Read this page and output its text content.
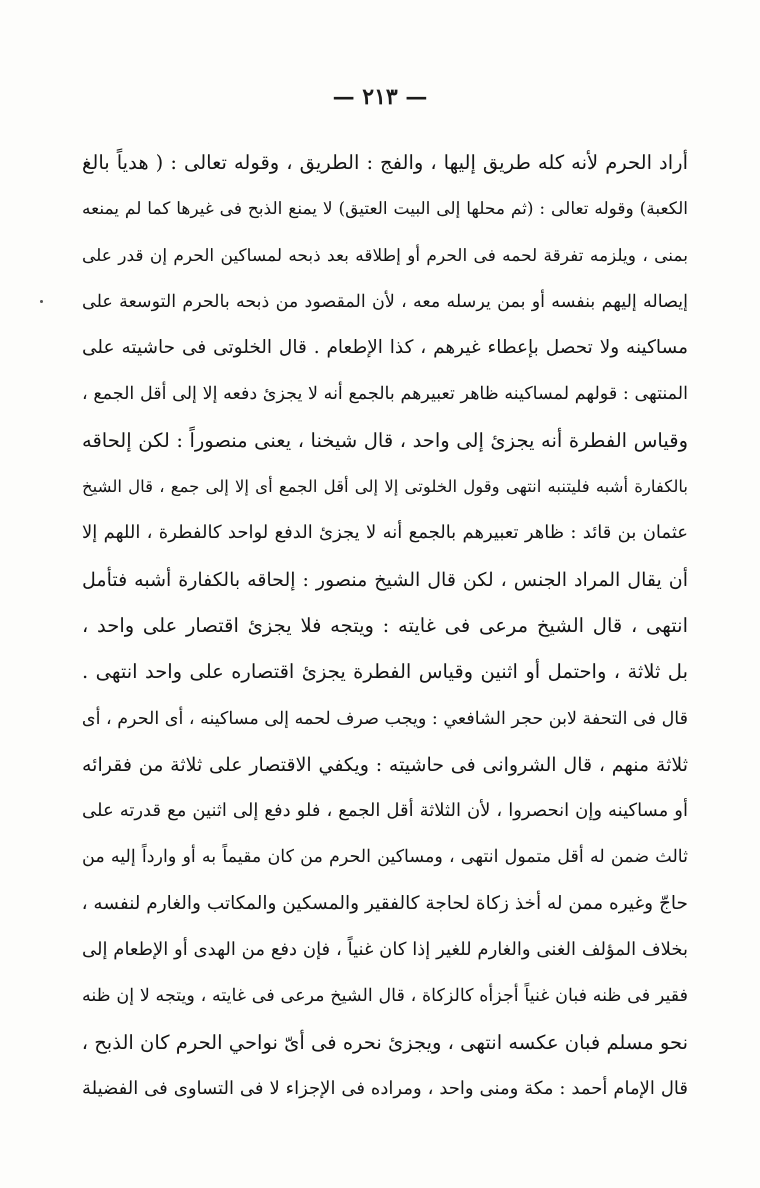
— ٢١٣ —
أراد الحرم لأنه كله طريق إليها ، والفج : الطريق ، وقوله تعالى : ( هدياً بالغ
الكعبة) وقوله تعالى : (ثم محلها إلى البيت العتيق) لا يمنع الذبح فى غيرها كما لم يمنعه
بمنى ، ويلزمه تفرقة لحمه فى الحرم أو إطلاقه بعد ذبحه لمساكين الحرم إن قدر على
إيصاله إليهم بنفسه أو بمن يرسله معه ، لأن المقصود من ذبحه بالحرم التوسعة على
مساكينه ولا تحصل بإعطاء غيرهم ، كذا الإطعام . قال الخلوتى فى حاشيته على
المنتهى : قولهم لمساكينه ظاهر تعبيرهم بالجمع أنه لا يجزئ دفعه إلا إلى أقل الجمع ،
وقياس الفطرة أنه يجزئ إلى واحد ، قال شيخنا ، يعنى منصوراً : لكن إلحاقه
بالكفارة أشبه فليتنبه انتهى وقول الخلوتى إلا إلى أقل الجمع أى إلا إلى جمع ، قال الشيخ
عثمان بن قائد : ظاهر تعبيرهم بالجمع أنه لا يجزئ الدفع لواحد كالفطرة ، اللهم إلا
أن يقال المراد الجنس ، لكن قال الشيخ منصور : إلحاقه بالكفارة أشبه فتأمل
انتهى ، قال الشيخ مرعى فى غايته : ويتجه فلا يجزئ اقتصار على واحد ،
بل ثلاثة ، واحتمل أو اثنين وقياس الفطرة يجزئ اقتصاره على واحد انتهى .
قال فى التحفة لابن حجر الشافعي : ويجب صرف لحمه إلى مساكينه ، أى الحرم ، أى
ثلاثة منهم ، قال الشروانى فى حاشيته : ويكفي الاقتصار على ثلاثة من فقرائه
أو مساكينه وإن انحصروا ، لأن الثلاثة أقل الجمع ، فلو دفع إلى اثنين مع قدرته على
ثالث ضمن له أقل متمول انتهى ، ومساكين الحرم من كان مقيماً به أو وارداً إليه من
حاجّ وغيره ممن له أخذ زكاة لحاجة كالفقير والمسكين والمكاتب والغارم لنفسه ،
بخلاف المؤلف الغنى والغارم للغير إذا كان غنياً ، فإن دفع من الهدى أو الإطعام إلى
فقير فى ظنه فبان غنياً أجزأه كالزكاة ، قال الشيخ مرعى فى غايته ، ويتجه لا إن ظنه
نحو مسلم فبان عكسه انتهى ، ويجزئ نحره فى أىّ نواحي الحرم كان الذبح ،
قال الإمام أحمد : مكة ومنى واحد ، ومراده فى الإجزاء لا فى التساوى فى الفضيلة
